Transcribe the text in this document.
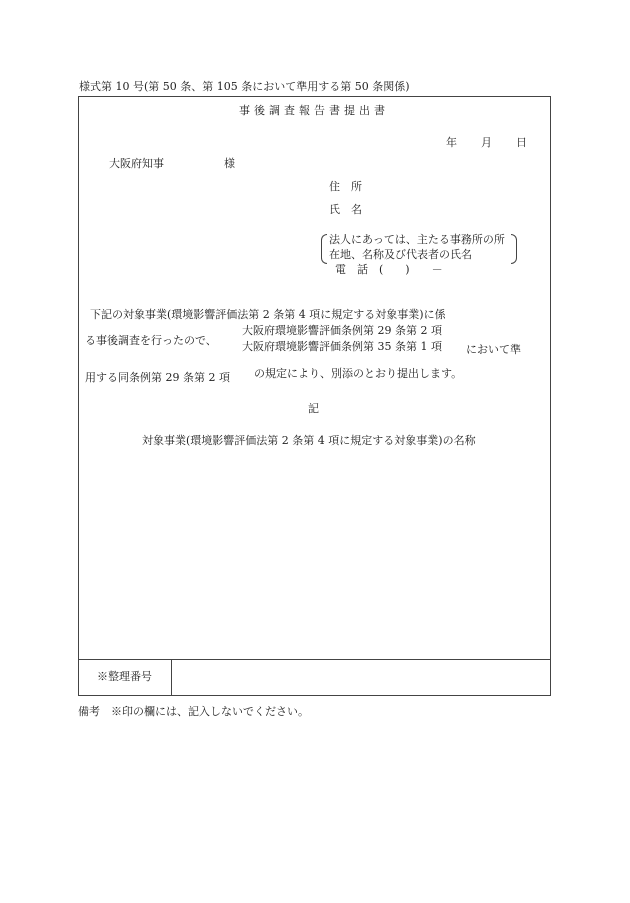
様式第 10 号(第 50 条、第 105 条において準用する第 50 条関係)
事後調査報告書提出書
年 月 日
大阪府知事	様
住　所
氏　名
法人にあっては、主たる事務所の所
在地、名称及び代表者の氏名
電　話　(　　)　　－
下記の対象事業(環境影響評価法第 2 条第 4 項に規定する対象事業)に係
る事後調査を行ったので、
大阪府環境影響評価条例第 29 条第 2 項
大阪府環境影響評価条例第 35 条第 1 項 において準
用する同条例第 29 条第 2 項 の規定により、別添のとおり提出します。
記
対象事業(環境影響評価法第 2 条第 4 項に規定する対象事業)の名称
※整理番号
備考　※印の欄には、記入しないでください。
